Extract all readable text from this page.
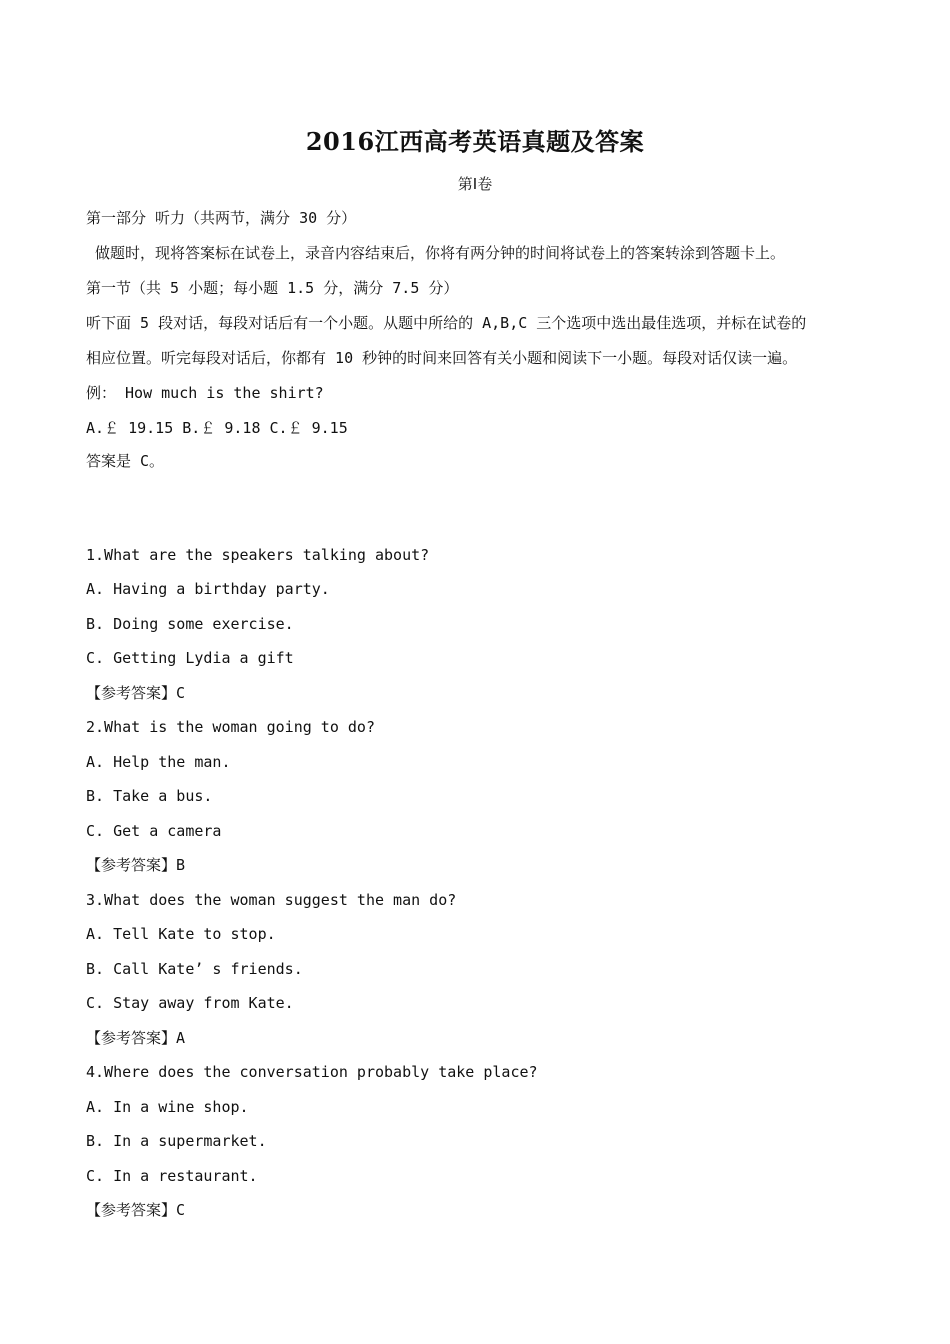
2016江西高考英语真题及答案
第Ⅰ卷
第一部分 听力（共两节，满分 30 分）
做题时，现将答案标在试卷上，录音内容结束后，你将有两分钟的时间将试卷上的答案转涂到答题卡上。
第一节（共 5 小题；每小题 1.5 分，满分 7.5 分）
听下面 5 段对话，每段对话后有一个小题。从题中所给的 A,B,C 三个选项中选出最佳选项，并标在试卷的
相应位置。听完每段对话后，你都有 10 秒钟的时间来回答有关小题和阅读下一小题。每段对话仅读一遍。
例： How much is the shirt?
A.￡ 19.15 B.￡ 9.18 C.￡ 9.15
答案是 C。
1.What are the speakers talking about?
A. Having a birthday party.
B. Doing some exercise.
C. Getting Lydia a gift
【参考答案】C
2.What is the woman going to do?
A. Help the man.
B. Take a bus.
C. Get a camera
【参考答案】B
3.What does the woman suggest the man do?
A. Tell Kate to stop.
B. Call Kate’ s friends.
C. Stay away from Kate.
【参考答案】A
4.Where does the conversation probably take place?
A. In a wine shop.
B. In a supermarket.
C. In a restaurant.
【参考答案】C
